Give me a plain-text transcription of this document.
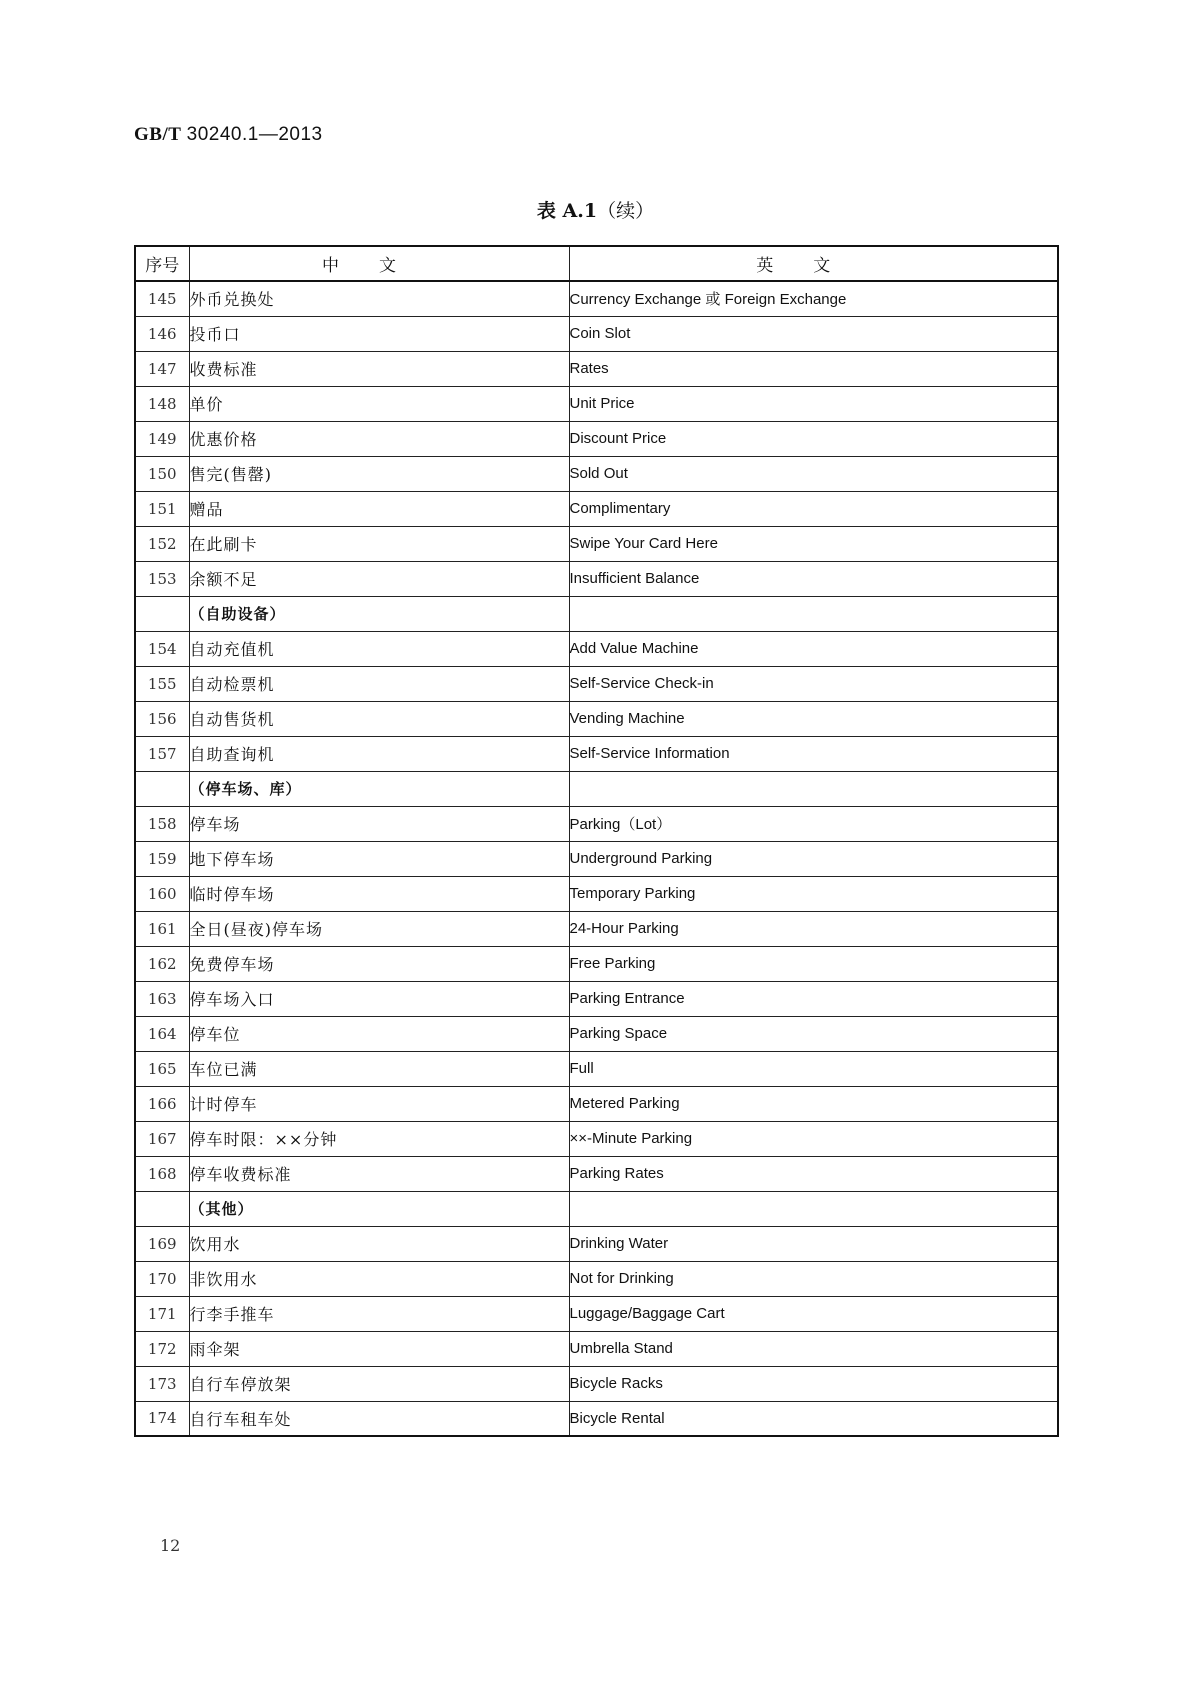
GB/T 30240.1—2013
表 A.1（续）
序号	中文	英文
145	外币兑换处	Currency Exchange 或 Foreign Exchange
146	投币口	Coin Slot
147	收费标准	Rates
148	单价	Unit Price
149	优惠价格	Discount Price
150	售完(售罄)	Sold Out
151	赠品	Complimentary
152	在此刷卡	Swipe Your Card Here
153	余额不足	Insufficient Balance
	（自助设备）	
154	自动充值机	Add Value Machine
155	自动检票机	Self-Service Check-in
156	自动售货机	Vending Machine
157	自助查询机	Self-Service Information
	（停车场、库）	
158	停车场	Parking（Lot）
159	地下停车场	Underground Parking
160	临时停车场	Temporary Parking
161	全日(昼夜)停车场	24-Hour Parking
162	免费停车场	Free Parking
163	停车场入口	Parking Entrance
164	停车位	Parking Space
165	车位已满	Full
166	计时停车	Metered Parking
167	停车时限：××分钟	××-Minute Parking
168	停车收费标准	Parking Rates
	（其他）	
169	饮用水	Drinking Water
170	非饮用水	Not for Drinking
171	行李手推车	Luggage/Baggage Cart
172	雨伞架	Umbrella Stand
173	自行车停放架	Bicycle Racks
174	自行车租车处	Bicycle Rental
12
